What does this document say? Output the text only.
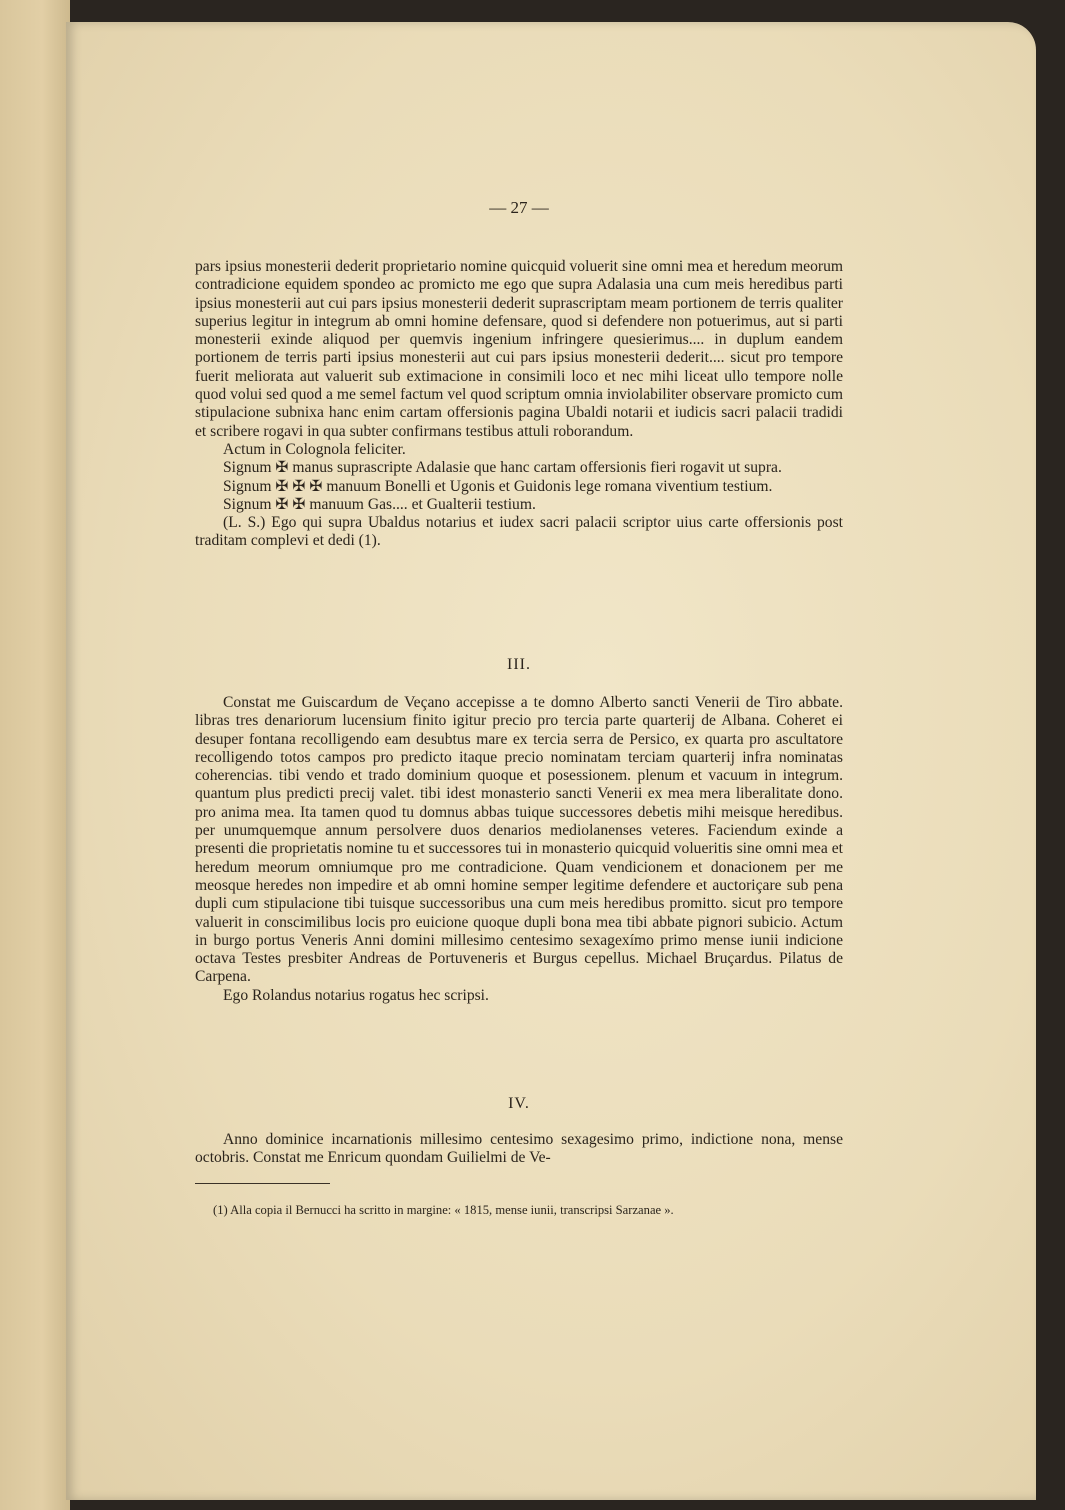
— 27 —

pars ipsius monesterii dederit proprietario nomine quicquid voluerit sine omni mea et heredum meorum contradicione equidem spondeo ac promicto me ego que supra Adalasia una cum meis heredibus parti ipsius monesterii aut cui pars ipsius monesterii dederit suprascriptam meam portionem de terris qualiter superius legitur in integrum ab omni homine defensare, quod si defendere non potuerimus, aut si parti monesterii exinde aliquod per quemvis ingenium infringere quesierimus.... in duplum eandem portionem de terris parti ipsius monesterii aut cui pars ipsius monesterii dederit.... sicut pro tempore fuerit meliorata aut valuerit sub extimacione in consimili loco et nec mihi liceat ullo tempore nolle quod volui sed quod a me semel factum vel quod scriptum omnia inviolabiliter observare promicto cum stipulacione subnixa hanc enim cartam offersionis pagina Ubaldi notarii et iudicis sacri palacii tradidi et scribere rogavi in qua subter confirmans testibus attuli roborandum.

Actum in Colognola feliciter.

Signum ✠ manus suprascripte Adalasie que hanc cartam offersionis fieri rogavit ut supra.

Signum ✠ ✠ ✠ manuum Bonelli et Ugonis et Guidonis lege romana viventium testium.

Signum ✠ ✠ manuum Gas.... et Gualterii testium.

(L. S.) Ego qui supra Ubaldus notarius et iudex sacri palacii scriptor uius carte offersionis post traditam complevi et dedi (1).

III.

Constat me Guiscardum de Veçano accepisse a te domno Alberto sancti Venerii de Tiro abbate. libras tres denariorum lucensium finito igitur precio pro tercia parte quarterij de Albana. Coheret ei desuper fontana recolligendo eam desubtus mare ex tercia serra de Persico, ex quarta pro ascultatore recolligendo totos campos pro predicto itaque precio nominatam terciam quarterij infra nominatas coherencias. tibi vendo et trado dominium quoque et posessionem. plenum et vacuum in integrum. quantum plus predicti precij valet. tibi idest monasterio sancti Venerii ex mea mera liberalitate dono. pro anima mea. Ita tamen quod tu domnus abbas tuique successores debetis mihi meisque heredibus. per unumquemque annum persolvere duos denarios mediolanenses veteres. Faciendum exinde a presenti die proprietatis nomine tu et successores tui in monasterio quicquid volueritis sine omni mea et heredum meorum omniumque pro me contradicione. Quam vendicionem et donacionem per me meosque heredes non impedire et ab omni homine semper legitime defendere et auctoriçare sub pena dupli cum stipulacione tibi tuisque successoribus una cum meis heredibus promitto. sicut pro tempore valuerit in conscimilibus locis pro euicione quoque dupli bona mea tibi abbate pignori subicio. Actum in burgo portus Veneris Anni domini millesimo centesimo sexagexímo primo mense iunii indicione octava Testes presbiter Andreas de Portuveneris et Burgus cepellus. Michael Bruçardus. Pilatus de Carpena.

Ego Rolandus notarius rogatus hec scripsi.

IV.

Anno dominice incarnationis millesimo centesimo sexagesimo primo, indictione nona, mense octobris. Constat me Enricum quondam Guilielmi de Ve-

(1) Alla copia il Bernucci ha scritto in margine: « 1815, mense iunii, transcripsi Sarzanae ».
